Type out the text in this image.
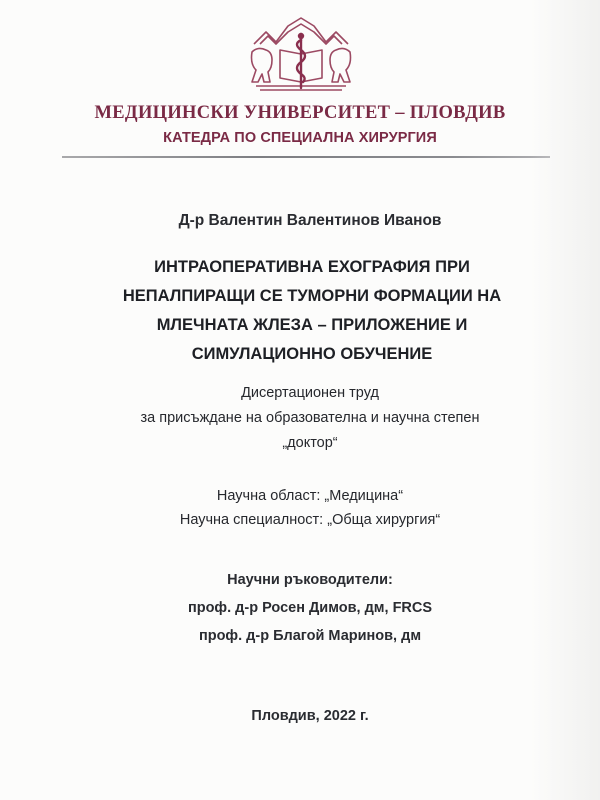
МЕДИЦИНСКИ УНИВЕРСИТЕТ – ПЛОВДИВ
КАТЕДРА ПО СПЕЦИАЛНА ХИРУРГИЯ
Д-р Валентин Валентинов Иванов
ИНТРАОПЕРАТИВНА ЕХОГРАФИЯ ПРИ
НЕПАЛПИРАЩИ СЕ ТУМОРНИ ФОРМАЦИИ НА
МЛЕЧНАТА ЖЛЕЗА – ПРИЛОЖЕНИЕ И
СИМУЛАЦИОННО ОБУЧЕНИЕ
Дисертационен труд
за присъждане на образователна и научна степен
„доктор“
Научна област: „Медицина“
Научна специалност: „Обща хирургия“
Научни ръководители:
проф. д-р Росен Димов, дм, FRCS
проф. д-р Благой Маринов, дм
Пловдив, 2022 г.
